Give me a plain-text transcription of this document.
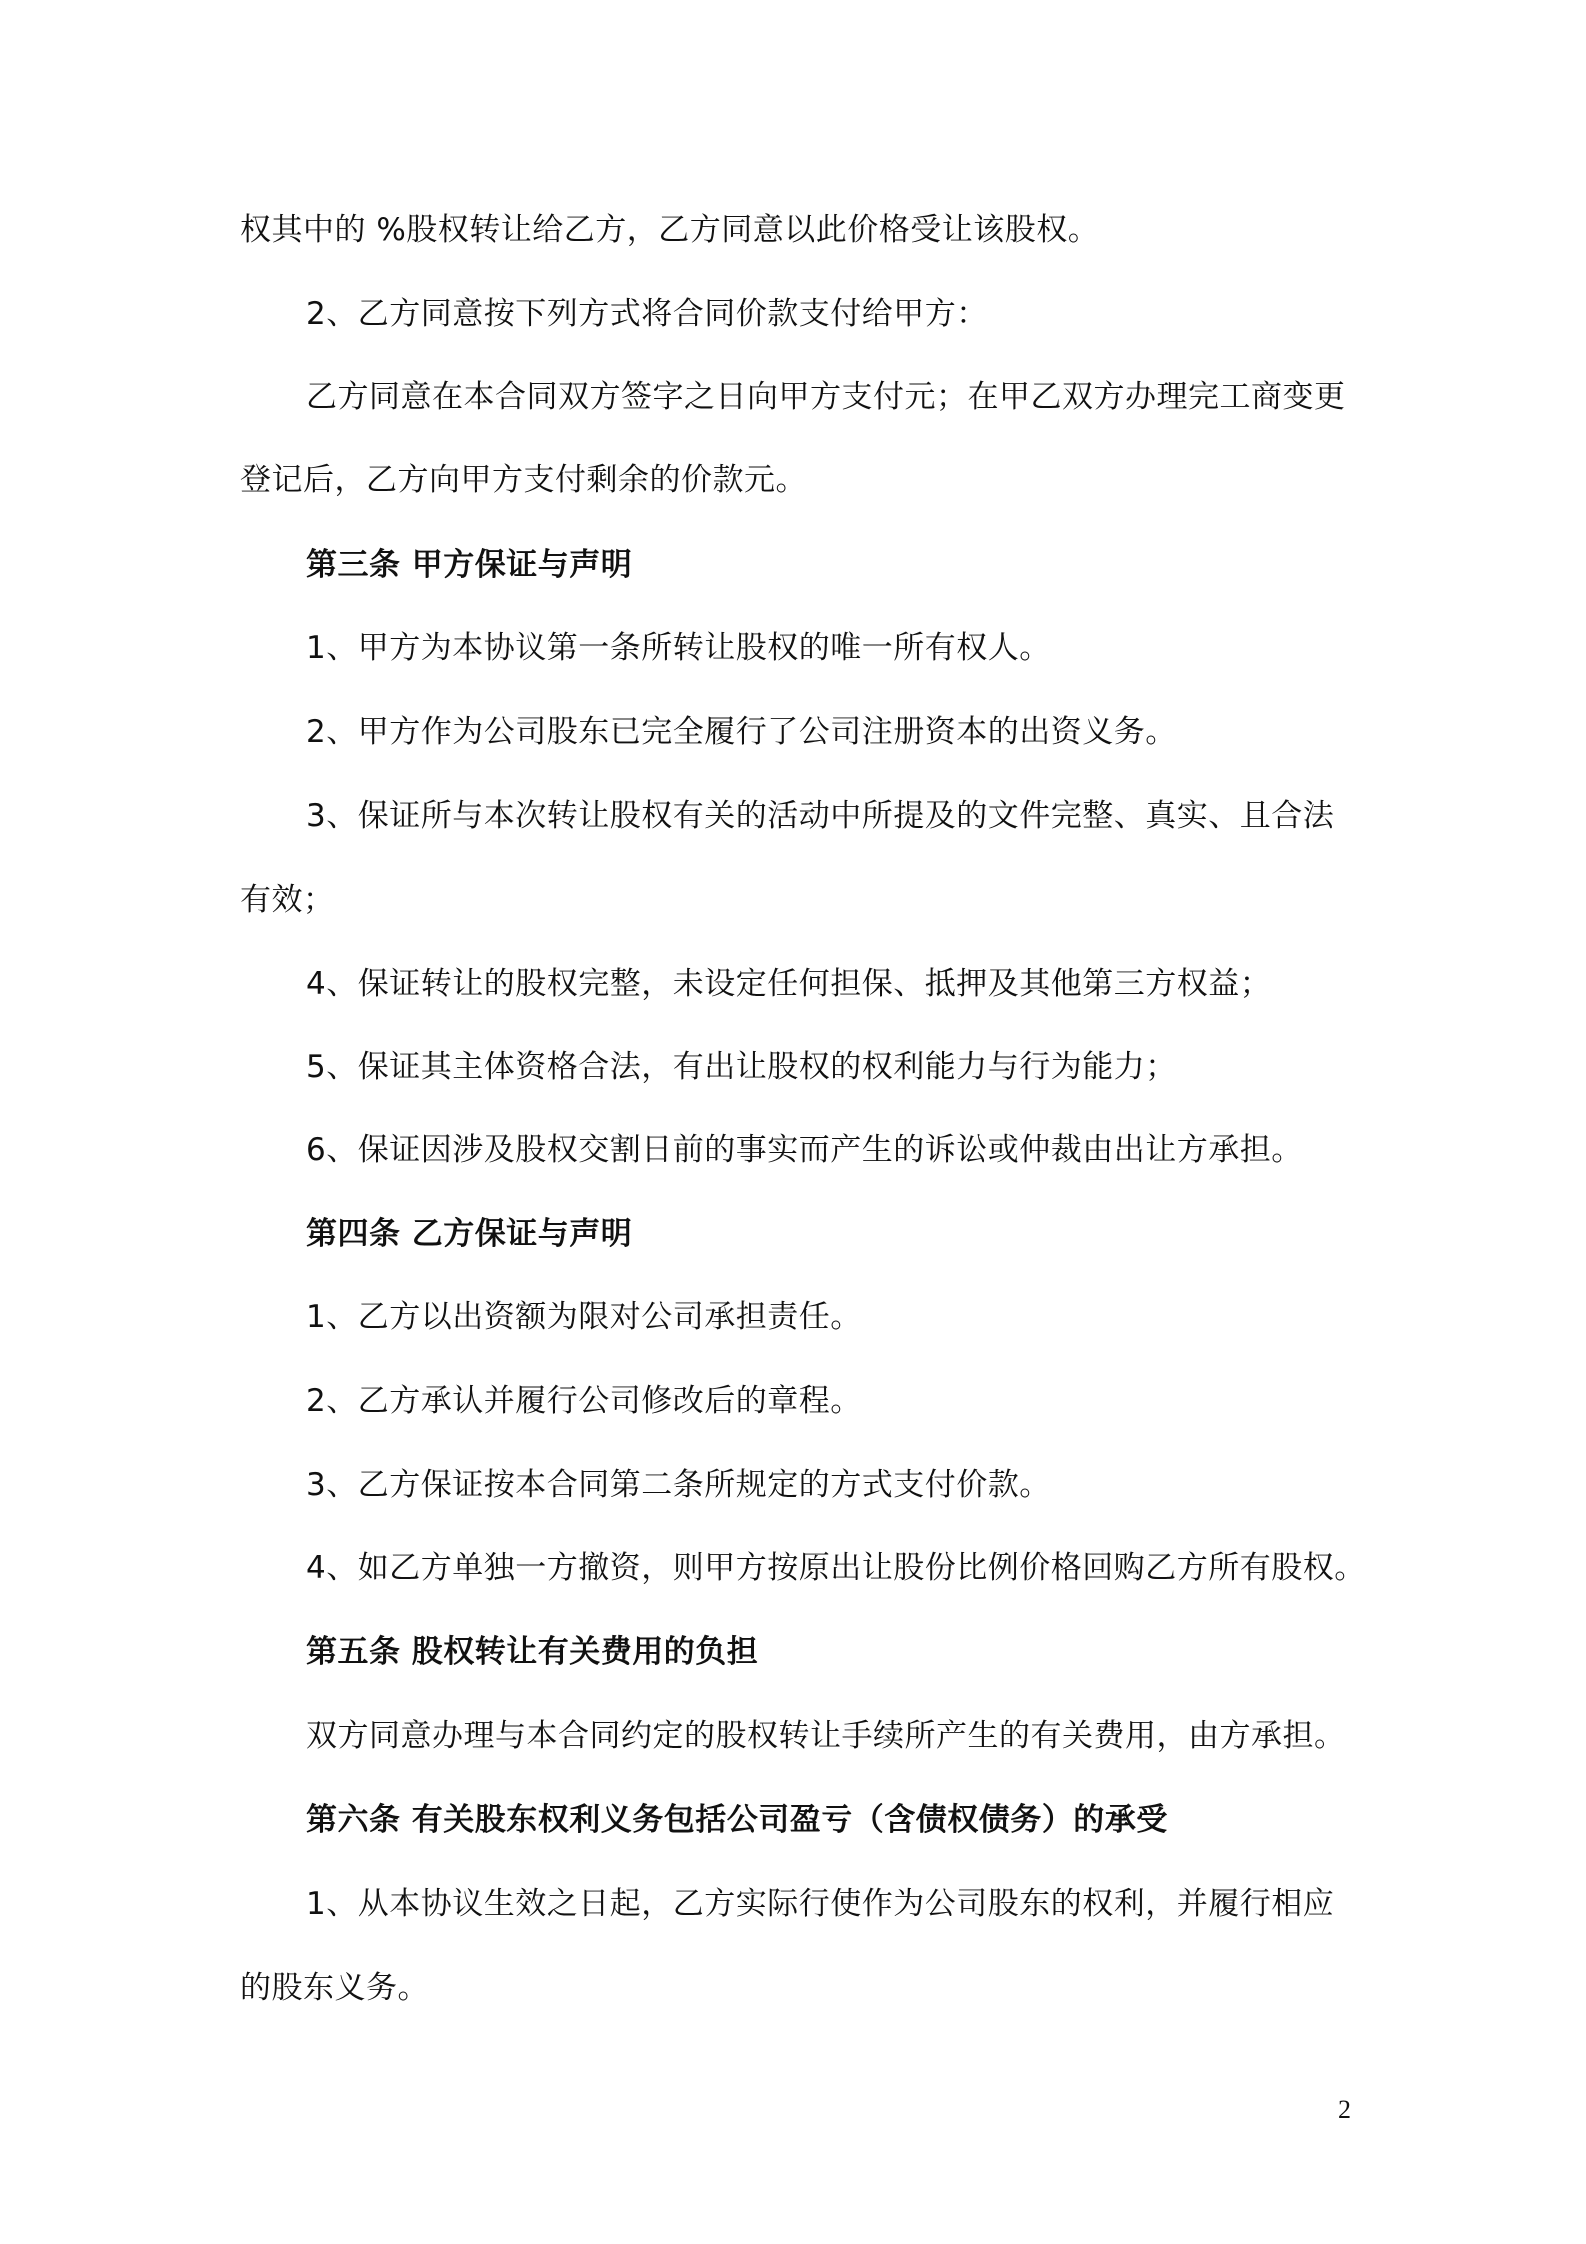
权其中的 %股权转让给乙方，乙方同意以此价格受让该股权。
2、乙方同意按下列方式将合同价款支付给甲方：
乙方同意在本合同双方签字之日向甲方支付元；在甲乙双方办理完工商变更
登记后，乙方向甲方支付剩余的价款元。
第三条 甲方保证与声明
1、甲方为本协议第一条所转让股权的唯一所有权人。
2、甲方作为公司股东已完全履行了公司注册资本的出资义务。
3、保证所与本次转让股权有关的活动中所提及的文件完整、真实、且合法
有效；
4、保证转让的股权完整，未设定任何担保、抵押及其他第三方权益；
5、保证其主体资格合法，有出让股权的权利能力与行为能力；
6、保证因涉及股权交割日前的事实而产生的诉讼或仲裁由出让方承担。
第四条 乙方保证与声明
1、乙方以出资额为限对公司承担责任。
2、乙方承认并履行公司修改后的章程。
3、乙方保证按本合同第二条所规定的方式支付价款。
4、如乙方单独一方撤资，则甲方按原出让股份比例价格回购乙方所有股权。
第五条 股权转让有关费用的负担
双方同意办理与本合同约定的股权转让手续所产生的有关费用，由方承担。
第六条 有关股东权利义务包括公司盈亏（含债权债务）的承受
1、从本协议生效之日起，乙方实际行使作为公司股东的权利，并履行相应
的股东义务。
2
